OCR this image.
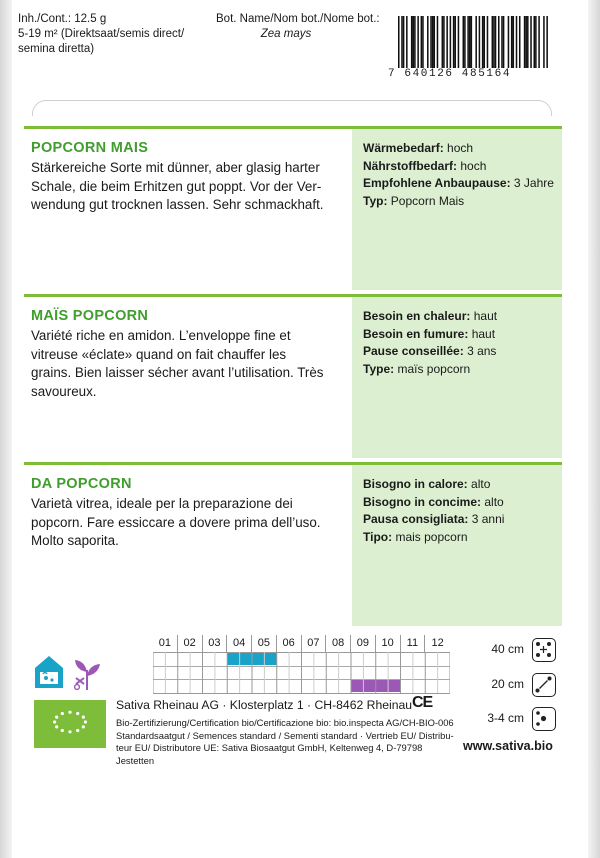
Inh./Cont.: 12.5 g
5-19 m² (Direktsaat/semis direct/
semina diretta)
Bot. Name/Nom bot./Nome bot.:
Zea mays
7 640126 485164
POPCORN MAIS
Stärkereiche Sorte mit dünner, aber glasig harter
Schale, die beim Erhitzen gut poppt. Vor der Ver-
wendung gut trocknen lassen. Sehr schmackhaft.
Wärmebedarf: hoch
Nährstoffbedarf: hoch
Empfohlene Anbaupause: 3 Jahre
Typ: Popcorn Mais
MAÏS POPCORN
Variété riche en amidon. L’enveloppe fine et
vitreuse «éclate» quand on fait chauffer les
grains. Bien laisser sécher avant l’utilisation. Très
savoureux.
Besoin en chaleur: haut
Besoin en fumure: haut
Pause conseillée: 3 ans
Type: maïs popcorn
DA POPCORN
Varietà vitrea, ideale per la preparazione dei
popcorn. Fare essiccare a dovere prima dell’uso.
Molto saporita.
Bisogno in calore: alto
Bisogno in concime: alto
Pausa consigliata: 3 anni
Tipo: mais popcorn
01	02	03	04	05	06	07	08	09	10	11	12	40 cm
20 cm
3-4 cm
Sativa Rheinau AG · Klosterplatz 1 · CH-8462 Rheinau CE
Bio-Zertifizierung/Certification bio/Certificazione bio: bio.inspecta AG/CH-BIO-006
Standardsaatgut / Semences standard / Sementi standard · Vertrieb EU/ Distribu-
teur EU/ Distributore UE: Sativa Biosaatgut GmbH, Keltenweg 4, D-79798 Jestetten
www.sativa.bio
